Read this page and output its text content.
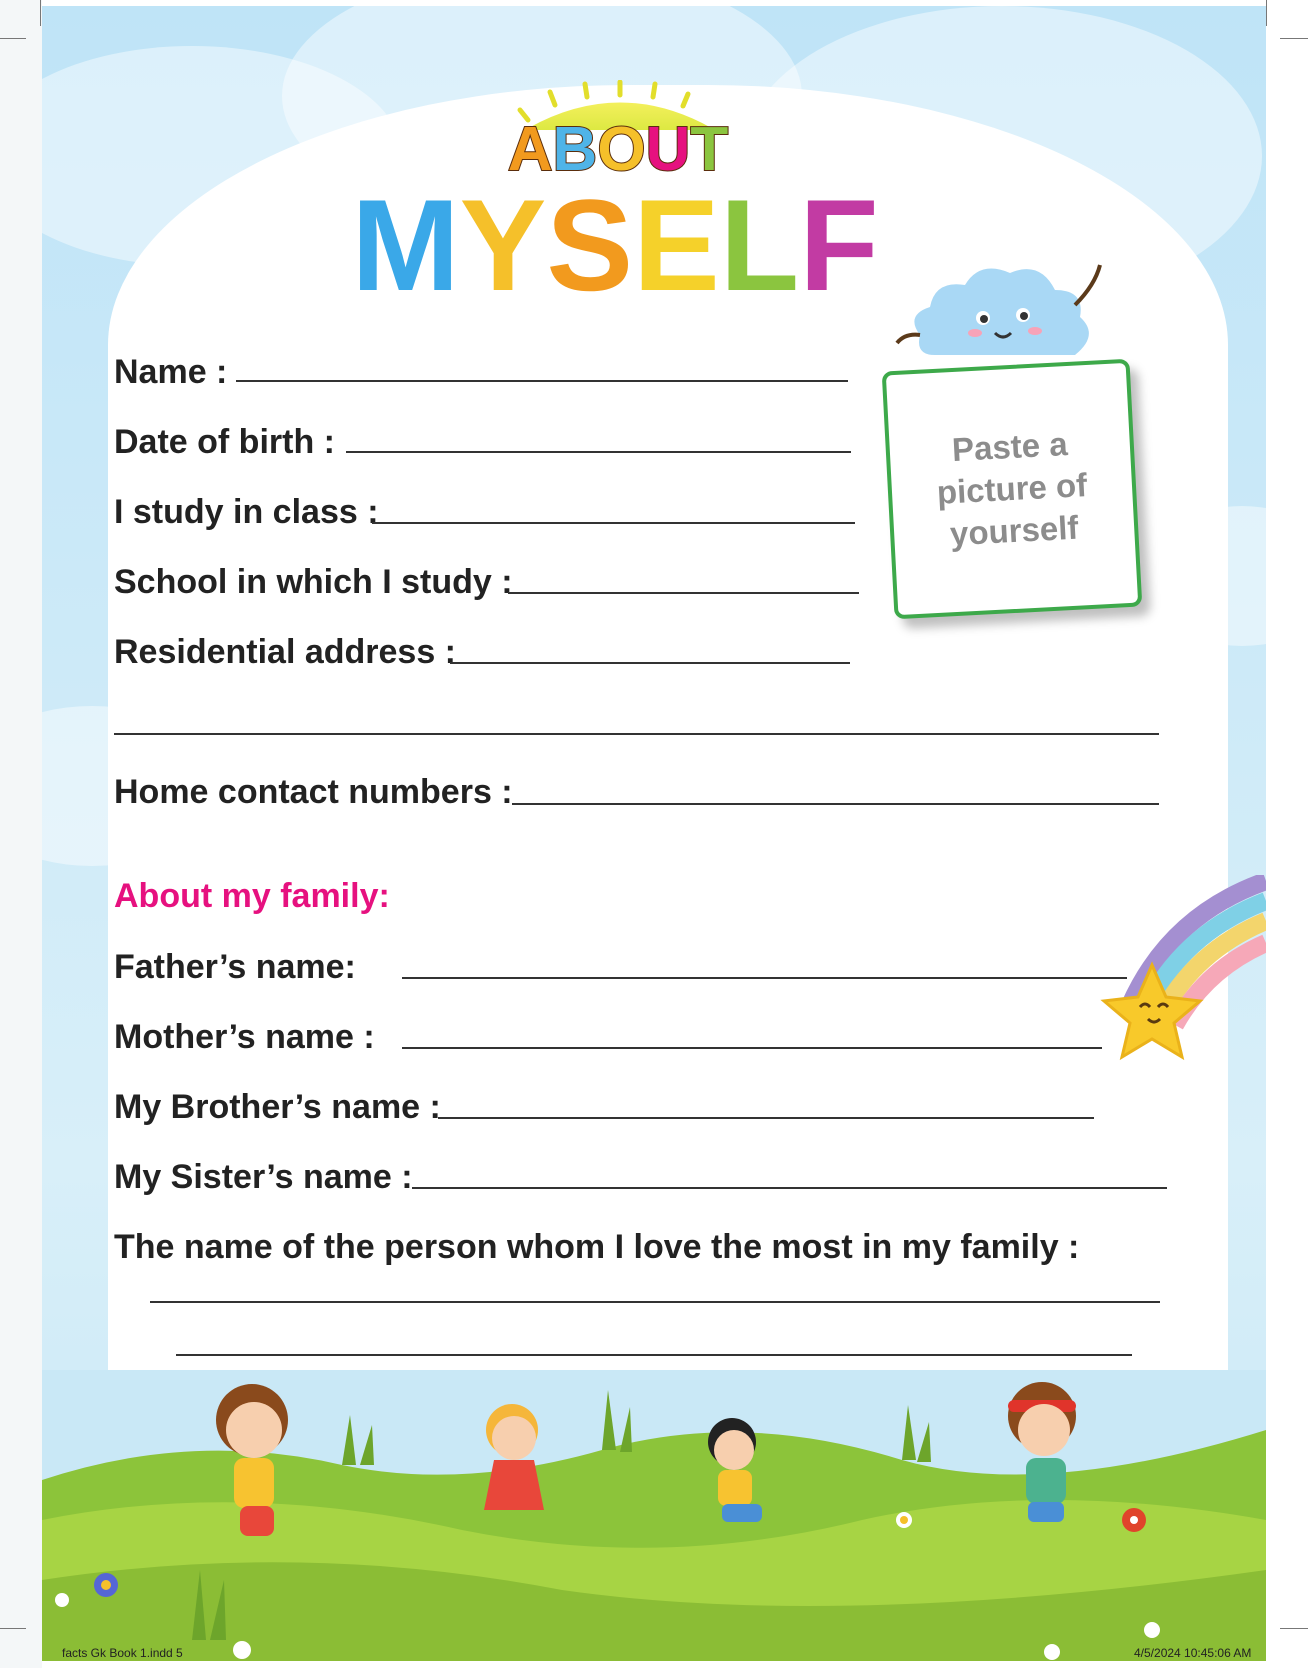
ABOUT
MYSELF
Paste a
picture of
yourself
Name :
Date of birth :
I study in class :
School in which I study :
Residential address :
Home contact numbers :
About my family:
Father’s name:
Mother’s name :
My Brother’s name :
My Sister’s name :
The name of the person whom I love the most in my family :
facts Gk Book 1.indd 5	4/5/2024 10:45:06 AM
